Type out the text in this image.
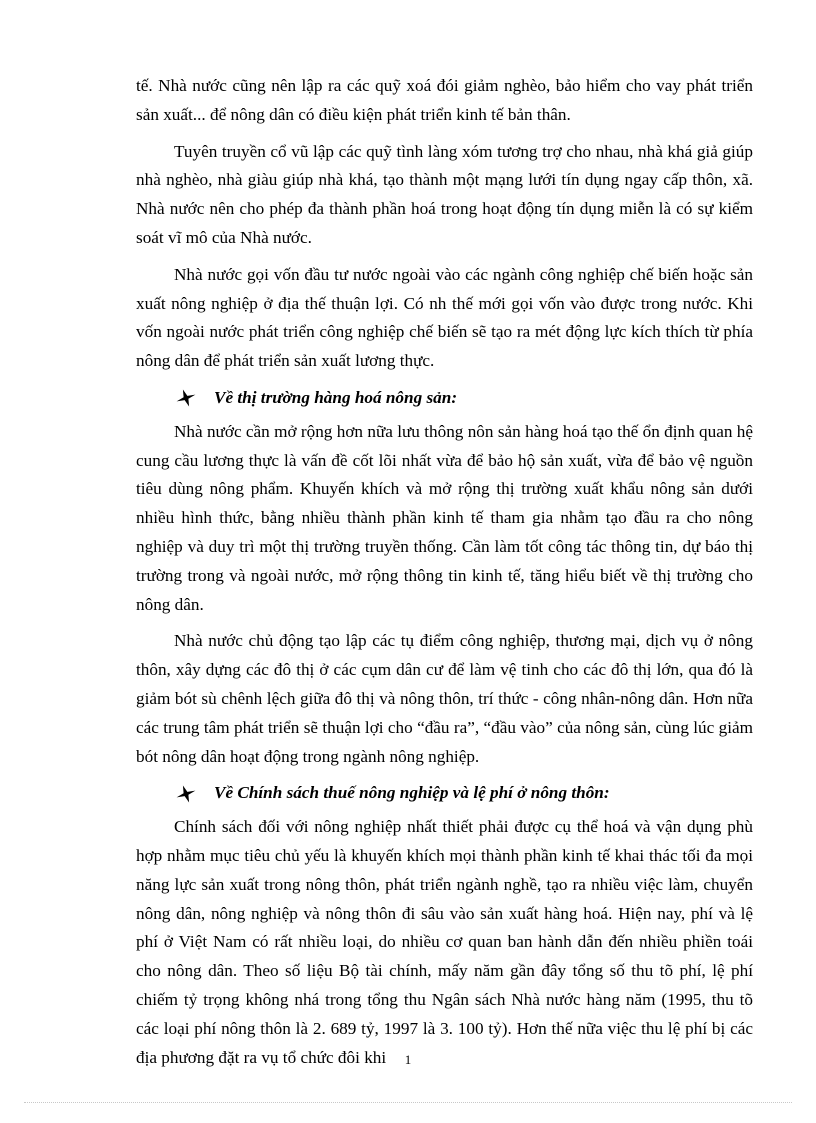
tế. Nhà nước cũng nên lập ra các quỹ xoá đói giảm nghèo, bảo hiểm cho vay phát triển sản xuất... để nông dân có điều kiện phát triển kinh tế bản thân.

Tuyên truyền cổ vũ lập các quỹ tình làng xóm tương trợ cho nhau, nhà khá giả giúp nhà nghèo, nhà giàu giúp nhà khá, tạo thành một mạng lưới tín dụng ngay cấp thôn, xã. Nhà nước nên cho phép đa thành phần hoá trong hoạt động tín dụng miễn là có sự kiểm soát vĩ mô của Nhà nước.

Nhà nước gọi vốn đầu tư nước ngoài vào các ngành công nghiệp chế biến hoặc sản xuất nông nghiệp ở địa thế thuận lợi. Có nh thế mới gọi vốn vào được trong nước. Khi vốn ngoài nước phát triển công nghiệp chế biến sẽ tạo ra mét động lực kích thích từ phía nông dân để phát triển sản xuất lương thực.

Về thị trường hàng hoá nông sản:

Nhà nước cần mở rộng hơn nữa lưu thông nôn sản hàng hoá tạo thế ổn định quan hệ cung cầu lương thực là vấn đề cốt lõi nhất vừa để bảo hộ sản xuất, vừa để bảo vệ nguồn tiêu dùng nông phẩm. Khuyến khích và mở rộng thị trường xuất khẩu nông sản dưới nhiều hình thức, bằng nhiều thành phần kinh tế tham gia nhằm tạo đầu ra cho nông nghiệp và duy trì một thị trường truyền thống. Cần làm tốt công tác thông tin, dự báo thị trường trong và ngoài nước, mở rộng thông tin kinh tế, tăng hiểu biết về thị trường cho nông dân.

Nhà nước chủ động tạo lập các tụ điểm công nghiệp, thương mại, dịch vụ ở nông thôn, xây dựng các đô thị ở các cụm dân cư để làm vệ tinh cho các đô thị lớn, qua đó là giảm bót sù chênh lệch giữa đô thị và nông thôn, trí thức - công nhân-nông dân. Hơn nữa các trung tâm phát triển sẽ thuận lợi cho “đầu ra”, “đầu vào” của nông sản, cùng lúc giảm bót nông dân hoạt động trong ngành nông nghiệp.

Về Chính sách thuế nông nghiệp và lệ phí ở nông thôn:

Chính sách đối với nông nghiệp nhất thiết phải được cụ thể hoá và vận dụng phù hợp nhằm mục tiêu chủ yếu là khuyến khích mọi thành phần kinh tế khai thác tối đa mọi năng lực sản xuất trong nông thôn, phát triển ngành nghề, tạo ra nhiều việc làm, chuyển nông dân, nông nghiệp và nông thôn đi sâu vào sản xuất hàng hoá. Hiện nay, phí và lệ phí ở Việt Nam có rất nhiều loại, do nhiều cơ quan ban hành dẫn đến nhiều phiền toái cho nông dân. Theo số liệu Bộ tài chính, mấy năm gần đây tổng số thu tõ phí, lệ phí chiếm tỷ trọng không nhá trong tổng thu Ngân sách Nhà nước hàng năm (1995, thu tõ các loại phí nông thôn là 2. 689 tỷ, 1997 là 3. 100 tỷ). Hơn thế nữa việc thu lệ phí bị các địa phương đặt ra vụ tổ chức đôi khi	1
